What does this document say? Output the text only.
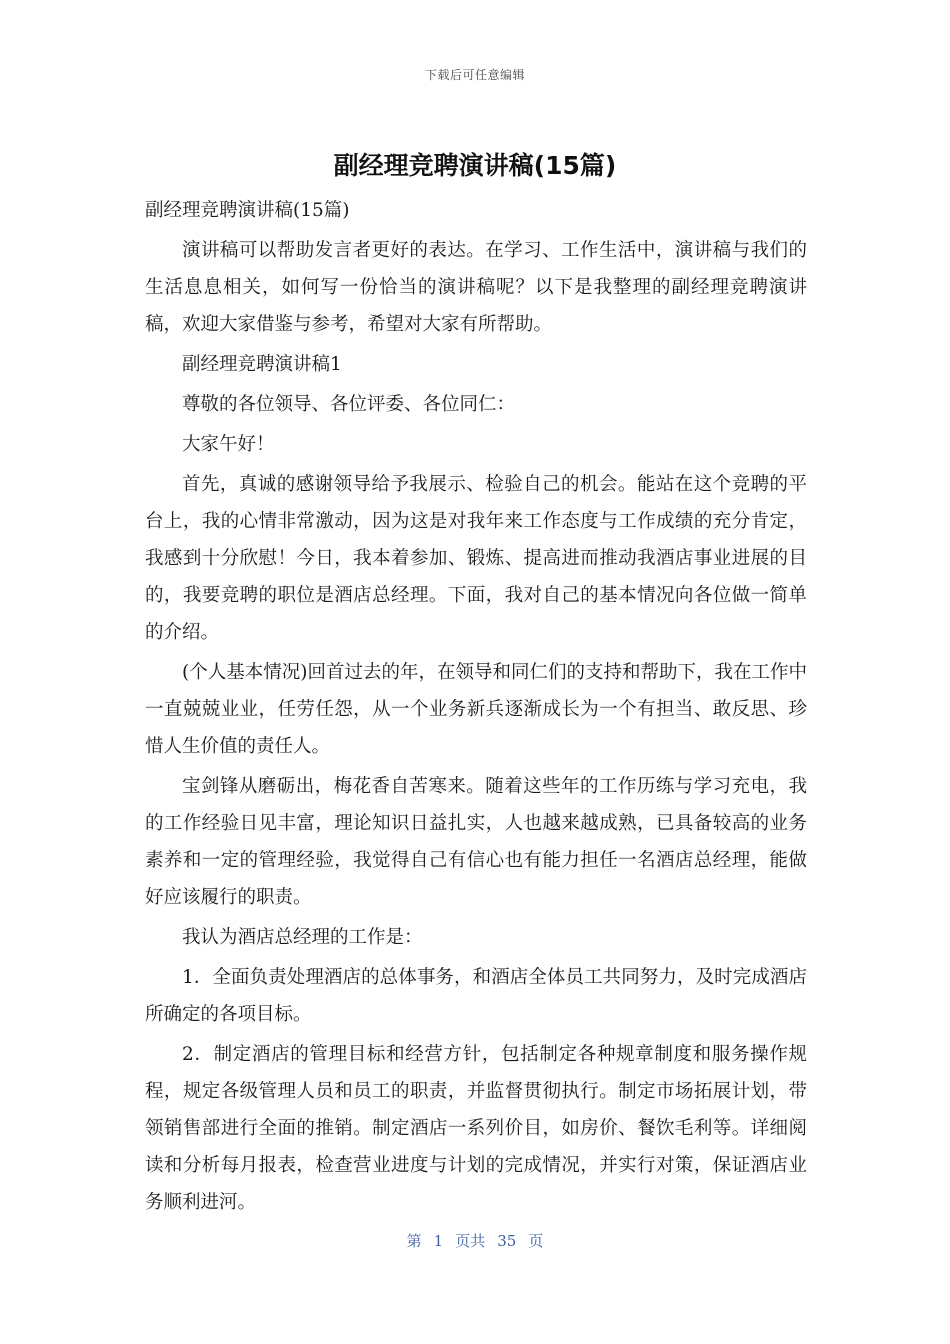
下载后可任意编辑
副经理竞聘演讲稿(15篇)

副经理竞聘演讲稿(15篇)

演讲稿可以帮助发言者更好的表达。在学习、工作生活中，演讲稿与我们的生活息息相关，如何写一份恰当的演讲稿呢？以下是我整理的副经理竞聘演讲稿，欢迎大家借鉴与参考，希望对大家有所帮助。

副经理竞聘演讲稿1

尊敬的各位领导、各位评委、各位同仁：

大家午好！

首先，真诚的感谢领导给予我展示、检验自己的机会。能站在这个竞聘的平台上，我的心情非常激动，因为这是对我年来工作态度与工作成绩的充分肯定，我感到十分欣慰！今日，我本着参加、锻炼、提高进而推动我酒店事业进展的目的，我要竞聘的职位是酒店总经理。下面，我对自己的基本情况向各位做一简单的介绍。

(个人基本情况)回首过去的年，在领导和同仁们的支持和帮助下，我在工作中一直兢兢业业，任劳任怨，从一个业务新兵逐渐成长为一个有担当、敢反思、珍惜人生价值的责任人。

宝剑锋从磨砺出，梅花香自苦寒来。随着这些年的工作历练与学习充电，我的工作经验日见丰富，理论知识日益扎实，人也越来越成熟，已具备较高的业务素养和一定的管理经验，我觉得自己有信心也有能力担任一名酒店总经理，能做好应该履行的职责。

我认为酒店总经理的工作是：

1．全面负责处理酒店的总体事务，和酒店全体员工共同努力，及时完成酒店所确定的各项目标。

2．制定酒店的管理目标和经营方针，包括制定各种规章制度和服务操作规程，规定各级管理人员和员工的职责，并监督贯彻执行。制定市场拓展计划，带领销售部进行全面的推销。制定酒店一系列价目，如房价、餐饮毛利等。详细阅读和分析每月报表，检查营业进度与计划的完成情况，并实行对策，保证酒店业务顺利进河。

第 1 页共 35 页
